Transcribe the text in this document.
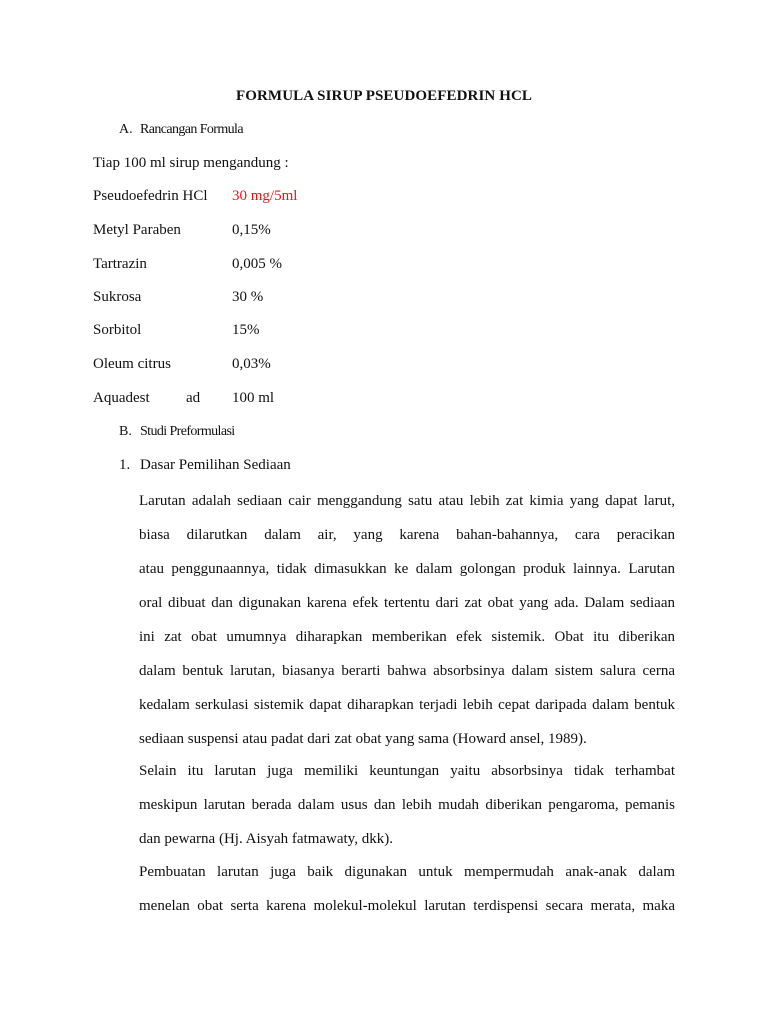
FORMULA SIRUP PSEUDOEFEDRIN HCL
A. Rancangan Formula
Tiap 100 ml sirup mengandung :
Pseudoefedrin HCl 30 mg/5ml
Metyl Paraben	0,15%
Tartrazin	0,005 %
Sukrosa	30 %
Sorbitol	15%
Oleum citrus	0,03%
Aquadest ad 100 ml
B. Studi Preformulasi
1. Dasar Pemilihan Sediaan
Larutan adalah sediaan cair menggandung satu atau lebih zat kimia yang dapat larut,
biasa dilarutkan dalam air, yang karena bahan-bahannya, cara peracikan
atau penggunaannya, tidak dimasukkan ke dalam golongan produk lainnya. Larutan
oral dibuat dan digunakan karena efek tertentu dari zat obat yang ada. Dalam sediaan
ini zat obat umumnya diharapkan memberikan efek sistemik. Obat itu diberikan
dalam bentuk larutan, biasanya berarti bahwa absorbsinya dalam sistem salura cerna
kedalam serkulasi sistemik dapat diharapkan terjadi lebih cepat daripada dalam bentuk
sediaan suspensi atau padat dari zat obat yang sama (Howard ansel, 1989).
Selain itu larutan juga memiliki keuntungan yaitu absorbsinya tidak terhambat
meskipun larutan berada dalam usus dan lebih mudah diberikan pengaroma, pemanis
dan pewarna (Hj. Aisyah fatmawaty, dkk).
Pembuatan larutan juga baik digunakan untuk mempermudah anak-anak dalam
menelan obat serta karena molekul-molekul larutan terdispensi secara merata, maka
